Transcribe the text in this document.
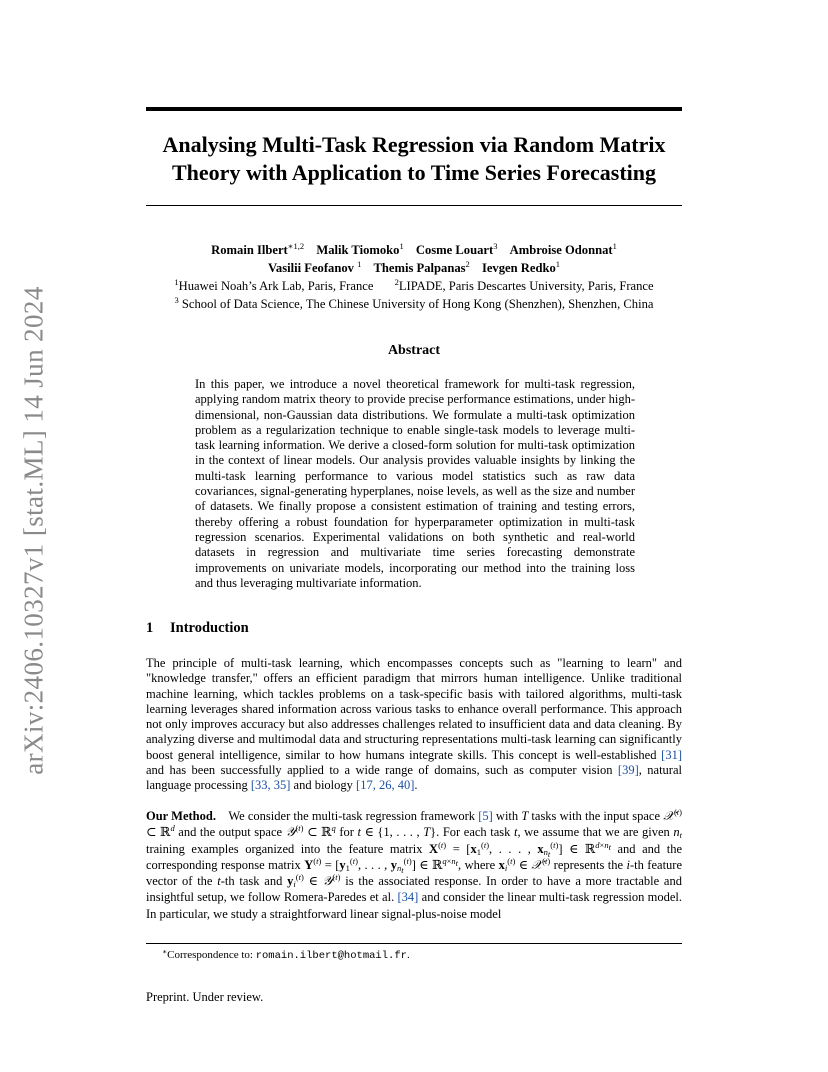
arXiv:2406.10327v1 [stat.ML] 14 Jun 2024
Analysing Multi-Task Regression via Random Matrix
Theory with Application to Time Series Forecasting
Romain Ilbert$^{∗1,2}$ Malik Tiomoko$^1$ Cosme Louart$^3$ Ambroise Odonnat$^1$
Vasilii Feofanov $^1$ Themis Palpanas$^2$ Ievgen Redko$^1$
$^1$Huawei Noah’s Ark Lab, Paris, France $^2$LIPADE, Paris Descartes University, Paris, France
$^3$ School of Data Science, The Chinese University of Hong Kong (Shenzhen), Shenzhen, China
Abstract
In this paper, we introduce a novel theoretical framework for multi-task regression, applying random matrix theory to provide precise performance estimations, under high-dimensional, non-Gaussian data distributions. We formulate a multi-task optimization problem as a regularization technique to enable single-task models to leverage multi-task learning information. We derive a closed-form solution for multi-task optimization in the context of linear models. Our analysis provides valuable insights by linking the multi-task learning performance to various model statistics such as raw data covariances, signal-generating hyperplanes, noise levels, as well as the size and number of datasets. We finally propose a consistent estimation of training and testing errors, thereby offering a robust foundation for hyperparameter optimization in multi-task regression scenarios. Experimental validations on both synthetic and real-world datasets in regression and multivariate time series forecasting demonstrate improvements on univariate models, incorporating our method into the training loss and thus leveraging multivariate information.
1 Introduction
The principle of multi-task learning, which encompasses concepts such as "learning to learn" and "knowledge transfer," offers an efficient paradigm that mirrors human intelligence. Unlike traditional machine learning, which tackles problems on a task-specific basis with tailored algorithms, multi-task learning leverages shared information across various tasks to enhance overall performance. This approach not only improves accuracy but also addresses challenges related to insufficient data and data cleaning. By analyzing diverse and multimodal data and structuring representations multi-task learning can significantly boost general intelligence, similar to how humans integrate skills. This concept is well-established [31] and has been successfully applied to a wide range of domains, such as computer vision [39], natural language processing [33, 35] and biology [17, 26, 40].
Our Method. We consider the multi-task regression framework [5] with T tasks with the input space 𝒳$^{(t)}$ ⊂ ℝ$^d$ and the output space 𝒴$^{(t)}$ ⊂ ℝ$^q$ for t ∈ {1, . . . , T}. For each task t, we assume that we are given $n_t$ training examples organized into the feature matrix $X^{(t)} = [x_1^{(t)}$, . . . , $x_{n_t}^{(t)}$] ∈ ℝ$^{d\times n_t}$ and and the corresponding response matrix $Y^{(t)} = [y_1^{(t)}$, . . . , $y_{n_t}^{(t)}$] ∈ ℝ$^{q\times n_t}$, where $x_i^{(t)}$ ∈ 𝒳$^{(t)}$ represents the i-th feature vector of the t-th task and $y_i^{(t)}$ ∈ 𝒴$^{(t)}$ is the associated response. In order to have a more tractable and insightful setup, we follow Romera-Paredes et al. [34] and consider the linear multi-task regression model. In particular, we study a straightforward linear signal-plus-noise model
∗Correspondence to: romain.ilbert@hotmail.fr.
Preprint. Under review.
